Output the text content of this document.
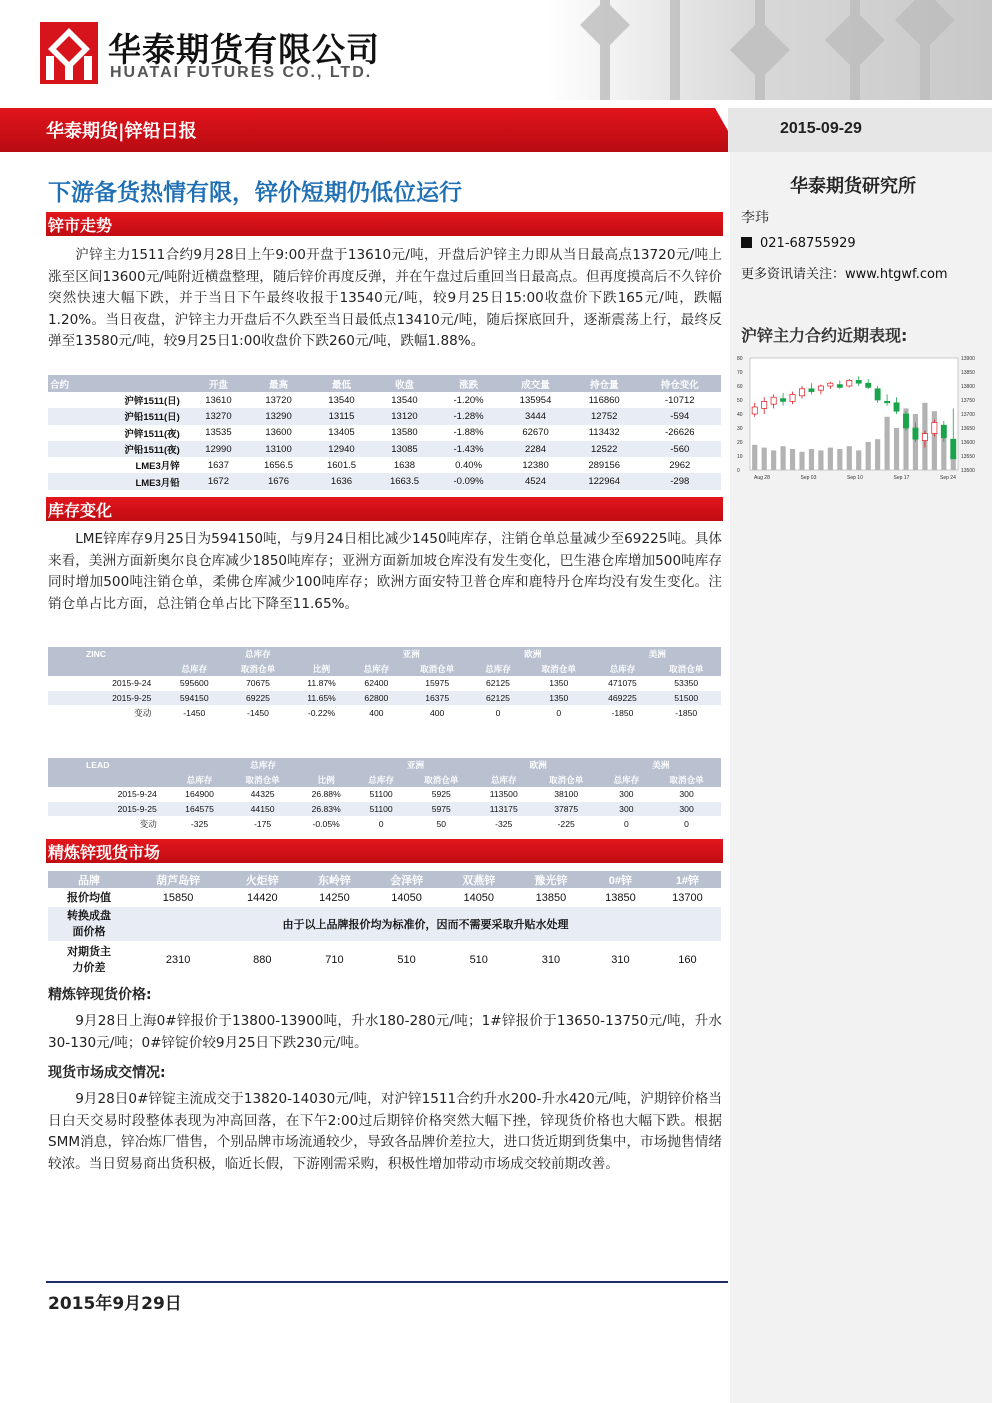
华泰期货有限公司
HUATAI FUTURES CO., LTD.
华泰期货|锌铅日报	2015-09-29
华泰期货研究所
李玮
021-68755929
更多资讯请关注：www.htgwf.com
沪锌主力合约近期表现:
80
70
60
50
40
30
20
10
0
13900
13850
13800
13750
13700
13650
13600
13550
13500
Aug 28	Sep 03	Sep 10	Sep 17	Sep 24
下游备货热情有限，锌价短期仍低位运行
锌市走势
沪锌主力1511合约9月28日上午9:00开盘于13610元/吨，开盘后沪锌主力即从当日最高点13720元/吨上涨至区间13600元/吨附近横盘整理，随后锌价再度反弹，并在午盘过后重回当日最高点。但再度摸高后不久锌价突然快速大幅下跌，并于当日下午最终收报于13540元/吨，较9月25日15:00收盘价下跌165元/吨，跌幅1.20%。当日夜盘，沪锌主力开盘后不久跌至当日最低点13410元/吨，随后探底回升，逐渐震荡上行，最终反弹至13580元/吨，较9月25日1:00收盘价下跌260元/吨，跌幅1.88%。
合约	开盘	最高	最低	收盘	涨跌	成交量	持仓量	持仓变化
沪锌1511(日)	13610	13720	13540	13540	-1.20%	135954	116860	-10712
沪铅1511(日)	13270	13290	13115	13120	-1.28%	3444	12752	-594
沪锌1511(夜)	13535	13600	13405	13580	-1.88%	62670	113432	-26626
沪铅1511(夜)	12990	13100	12940	13085	-1.43%	2284	12522	-560
LME3月锌	1637	1656.5	1601.5	1638	0.40%	12380	289156	2962
LME3月铅	1672	1676	1636	1663.5	-0.09%	4524	122964	-298
库存变化
LME锌库存9月25日为594150吨，与9月24日相比减少1450吨库存，注销仓单总量减少至69225吨。具体来看，美洲方面新奥尔良仓库减少1850吨库存；亚洲方面新加坡仓库没有发生变化，巴生港仓库增加500吨库存同时增加500吨注销仓单，柔佛仓库减少100吨库存；欧洲方面安特卫普仓库和鹿特丹仓库均没有发生变化。注销仓单占比方面，总注销仓单占比下降至11.65%。
ZINC	总库存			亚洲		欧洲		美洲	
	总库存	取消仓单	比例	总库存	取消仓单	总库存	取消仓单	总库存	取消仓单
2015-9-24	595600	70675	11.87%	62400	15975	62125	1350	471075	53350
2015-9-25	594150	69225	11.65%	62800	16375	62125	1350	469225	51500
变动	-1450	-1450	-0.22%	400	400	0	0	-1850	-1850
LEAD	总库存			亚洲		欧洲		美洲	
	总库存	取消仓单	比例	总库存	取消仓单	总库存	取消仓单	总库存	取消仓单
2015-9-24	164900	44325	26.88%	51100	5925	113500	38100	300	300
2015-9-25	164575	44150	26.83%	51100	5975	113175	37875	300	300
变动	-325	-175	-0.05%	0	50	-325	-225	0	0
精炼锌现货市场
品牌	葫芦岛锌	火炬锌	东岭锌	会泽锌	双燕锌	豫光锌	0#锌	1#锌
报价均值	15850	14420	14250	14050	14050	13850	13850	13700
转换成盘面价格	由于以上品牌报价均为标准价，因而不需要采取升贴水处理							
对期货主力价差	2310	880	710	510	510	310	310	160
精炼锌现货价格:
9月28日上海0#锌报价于13800-13900吨，升水180-280元/吨；1#锌报价于13650-13750元/吨，升水30-130元/吨；0#锌锭价较9月25日下跌230元/吨。
现货市场成交情况:
9月28日0#锌锭主流成交于13820-14030元/吨，对沪锌1511合约升水200-升水420元/吨，沪期锌价格当日白天交易时段整体表现为冲高回落，在下午2:00过后期锌价格突然大幅下挫，锌现货价格也大幅下跌。根据SMM消息，锌冶炼厂惜售，个别品牌市场流通较少，导致各品牌价差拉大，进口货近期到货集中，市场抛售情绪较浓。当日贸易商出货积极，临近长假，下游刚需采购，积极性增加带动市场成交较前期改善。
2015年9月29日
